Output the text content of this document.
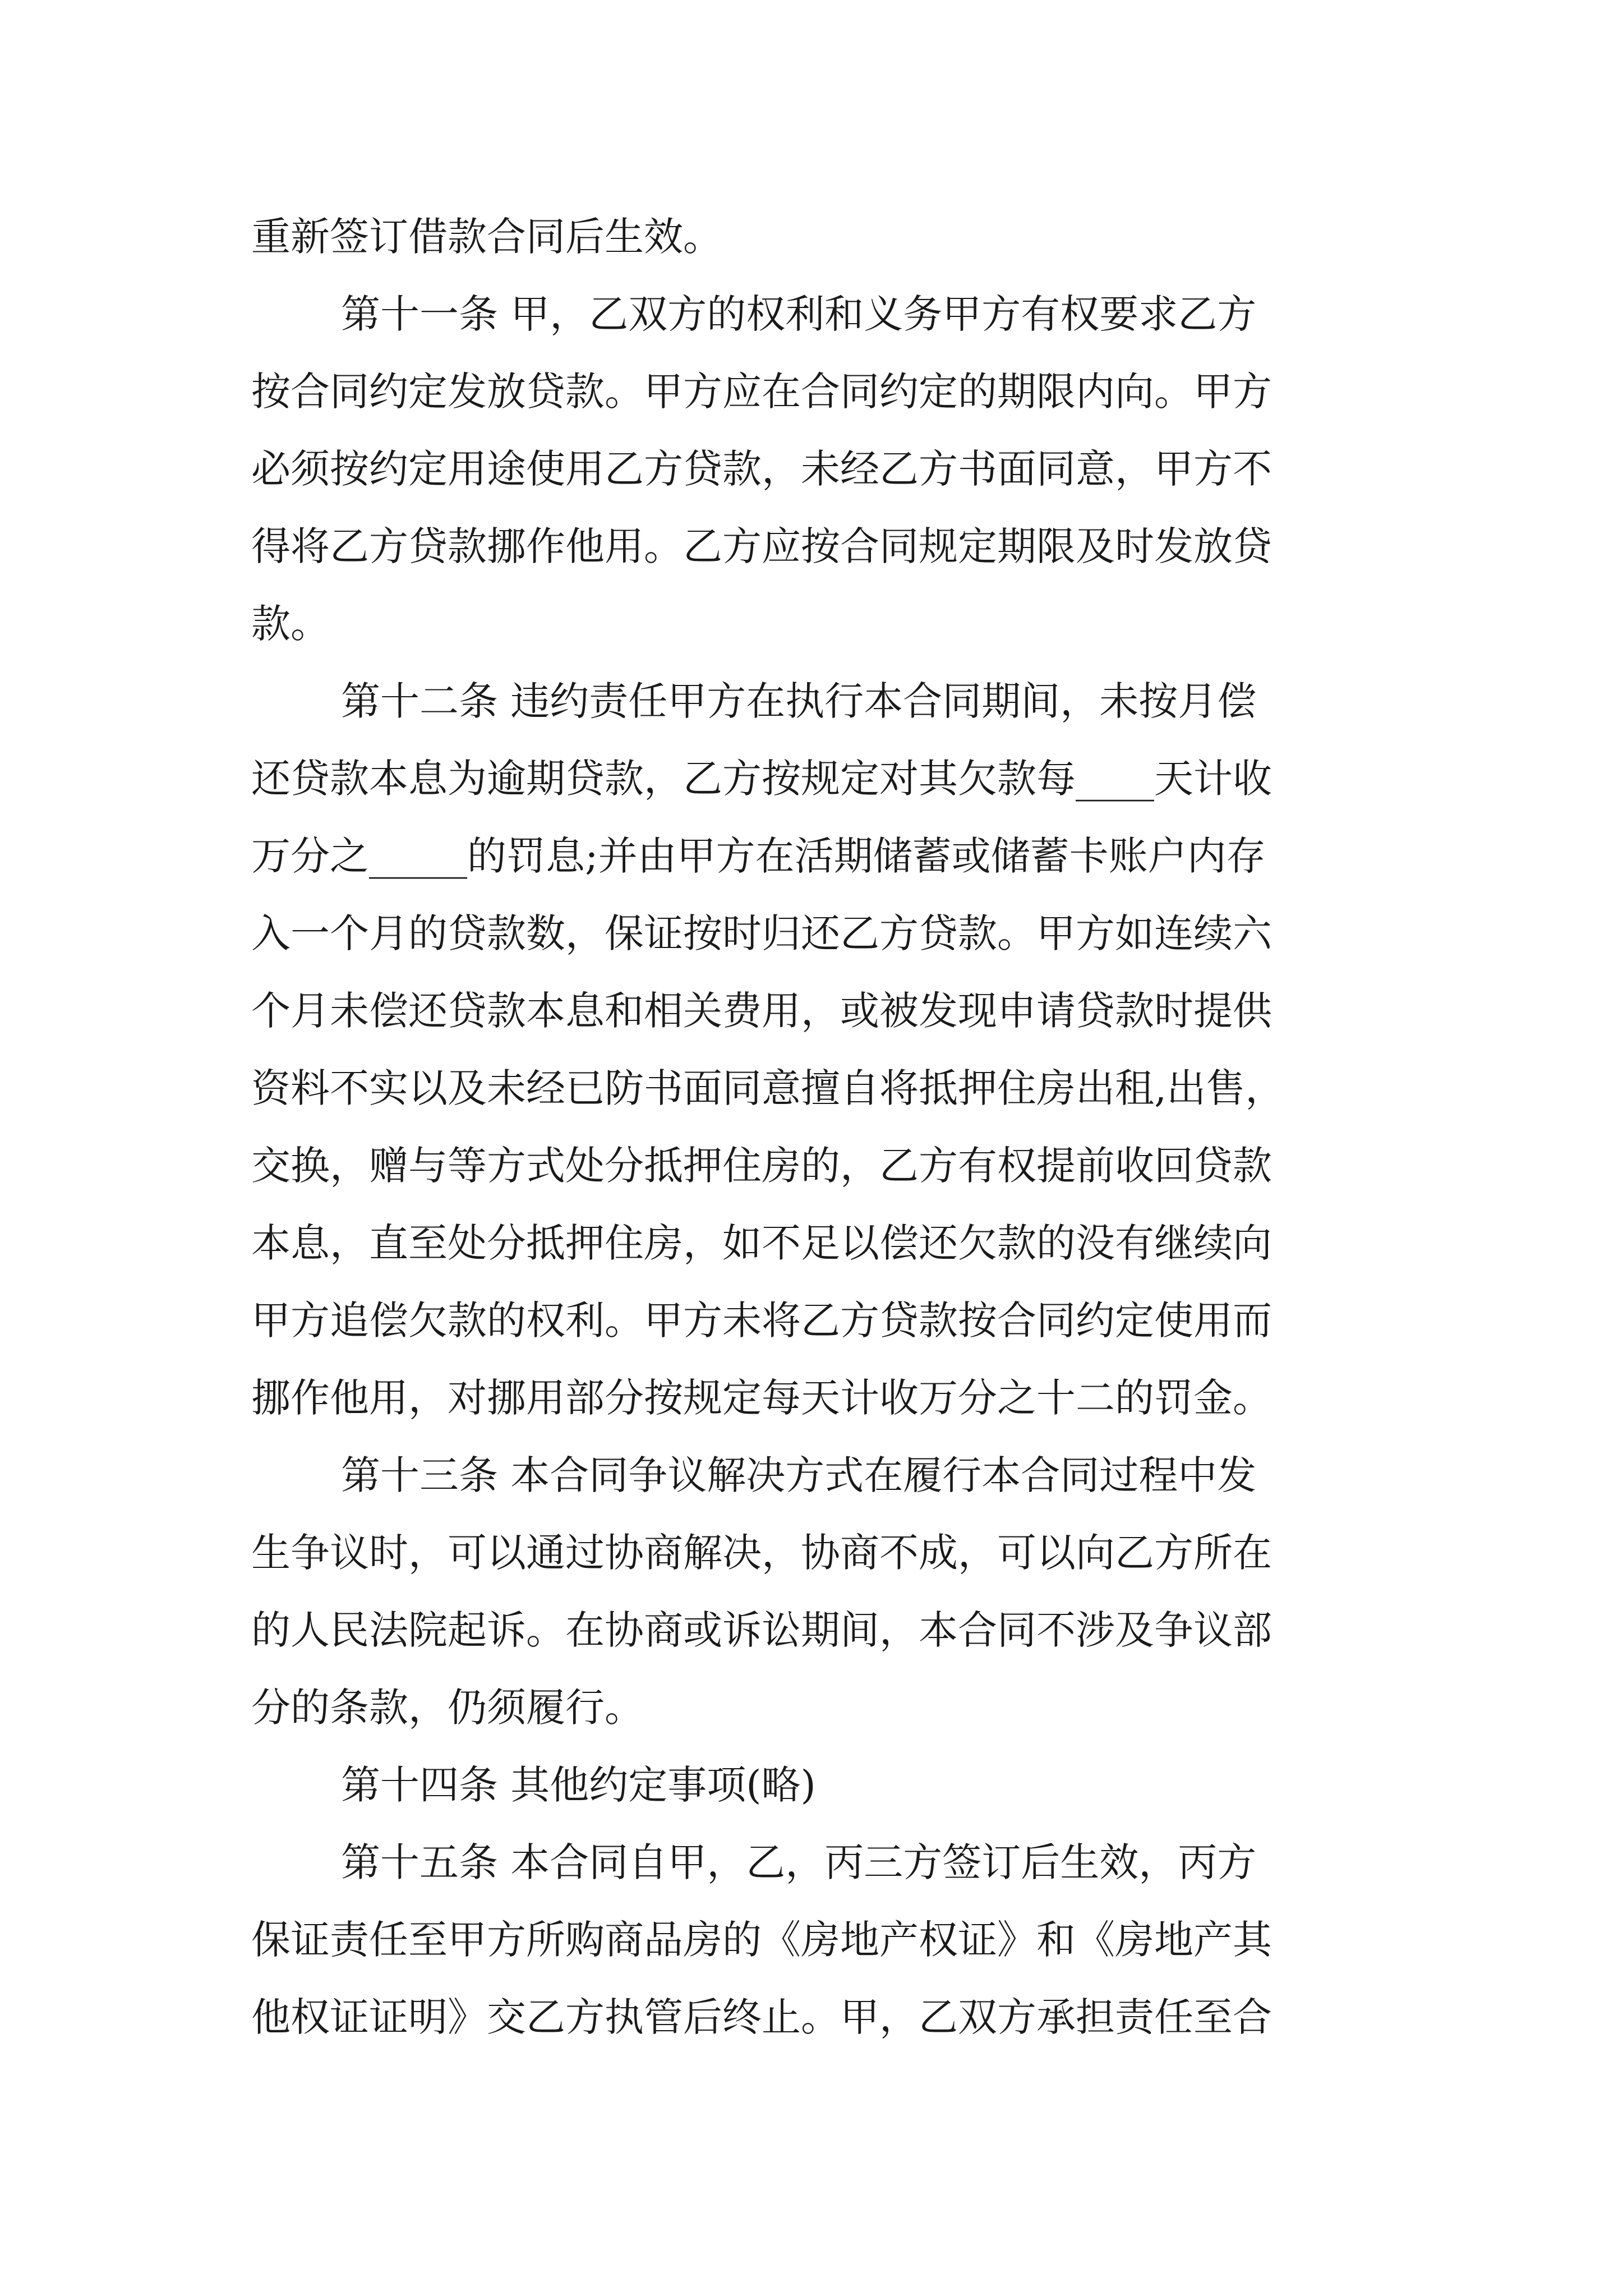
重新签订借款合同后生效。

第十一条 甲，乙双方的权利和义务甲方有权要求乙方

按合同约定发放贷款。甲方应在合同约定的期限内向。甲方

必须按约定用途使用乙方贷款，未经乙方书面同意，甲方不

得将乙方贷款挪作他用。乙方应按合同规定期限及时发放贷

款。

第十二条 违约责任甲方在执行本合同期间，未按月偿

还贷款本息为逾期贷款，乙方按规定对其欠款每____天计收

万分之_____的罚息;并由甲方在活期储蓄或储蓄卡账户内存

入一个月的贷款数，保证按时归还乙方贷款。甲方如连续六

个月未偿还贷款本息和相关费用，或被发现申请贷款时提供

资料不实以及未经已防书面同意擅自将抵押住房出租,出售，

交换，赠与等方式处分抵押住房的，乙方有权提前收回贷款

本息，直至处分抵押住房，如不足以偿还欠款的没有继续向

甲方追偿欠款的权利。甲方未将乙方贷款按合同约定使用而

挪作他用，对挪用部分按规定每天计收万分之十二的罚金。

第十三条 本合同争议解决方式在履行本合同过程中发

生争议时，可以通过协商解决，协商不成，可以向乙方所在

的人民法院起诉。在协商或诉讼期间，本合同不涉及争议部

分的条款，仍须履行。

第十四条 其他约定事项(略)

第十五条 本合同自甲，乙，丙三方签订后生效，丙方

保证责任至甲方所购商品房的《房地产权证》和《房地产其

他权证证明》交乙方执管后终止。甲，乙双方承担责任至合
